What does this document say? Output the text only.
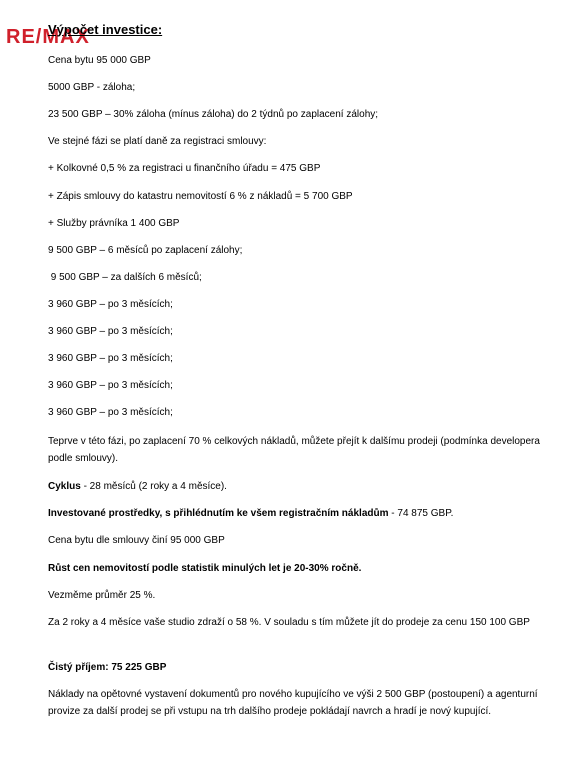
RE/MAX
Výpočet investice:
Cena bytu 95 000 GBP
5000 GBP - záloha;
23 500 GBP – 30% záloha (mínus záloha) do 2 týdnů po zaplacení zálohy;
Ve stejné fázi se platí daně za registraci smlouvy:
+ Kolkovné 0,5 % za registraci u finančního úřadu = 475 GBP
+ Zápis smlouvy do katastru nemovitostí 6 % z nákladů = 5 700 GBP
+ Služby právníka 1 400 GBP
9 500 GBP – 6 měsíců po zaplacení zálohy;
9 500 GBP – za dalších 6 měsíců;
3 960 GBP – po 3 měsících;
3 960 GBP – po 3 měsících;
3 960 GBP – po 3 měsících;
3 960 GBP – po 3 měsících;
3 960 GBP – po 3 měsících;
Teprve v této fázi, po zaplacení 70 % celkových nákladů, můžete přejít k dalšímu prodeji (podmínka developera podle smlouvy).
Cyklus - 28 měsíců (2 roky a 4 měsíce).
Investované prostředky, s přihlédnutím ke všem registračním nákladům - 74 875 GBP.
Cena bytu dle smlouvy činí 95 000 GBP
Růst cen nemovitostí podle statistik minulých let je 20-30% ročně.
Vezměme průměr 25 %.
Za 2 roky a 4 měsíce vaše studio zdraží o 58 %. V souladu s tím můžete jít do prodeje za cenu 150 100 GBP
Čistý příjem: 75 225 GBP
Náklady na opětovné vystavení dokumentů pro nového kupujícího ve výši 2 500 GBP (postoupení) a agenturní provize za další prodej se při vstupu na trh dalšího prodeje pokládají navrch a hradí je nový kupující.
